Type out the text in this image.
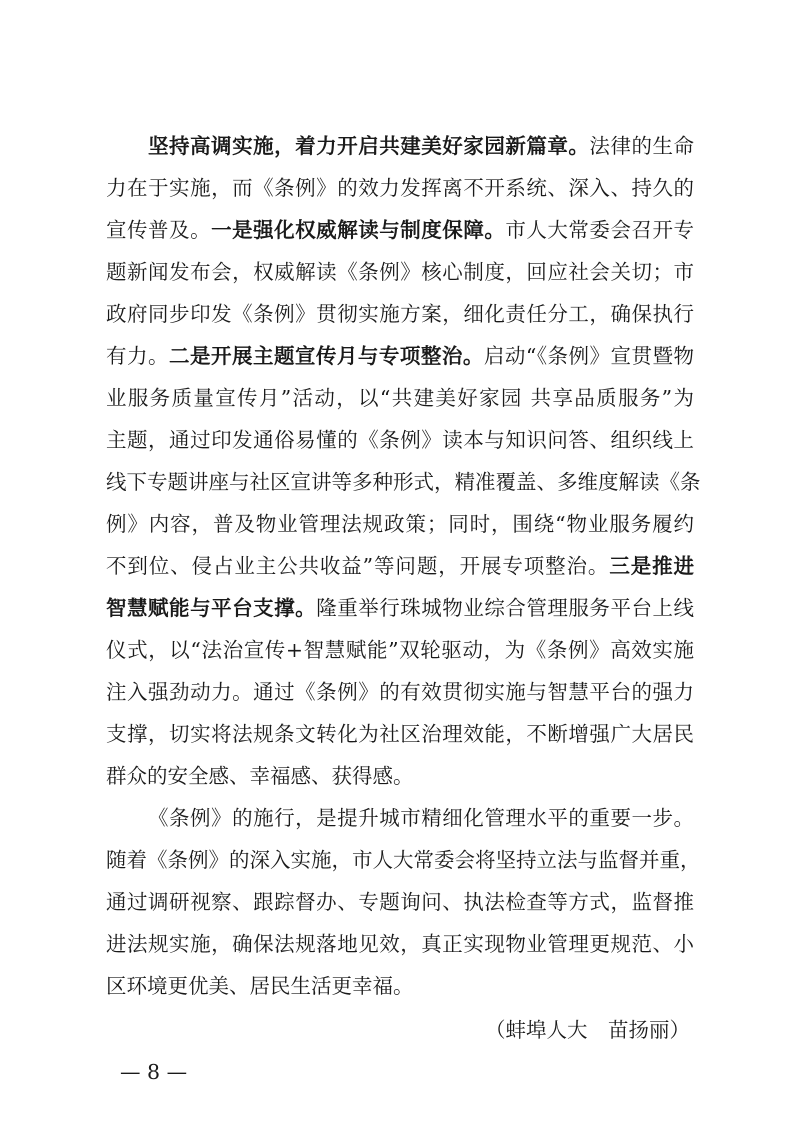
坚持高调实施，着力开启共建美好家园新篇章。法律的生命
力在于实施，而《条例》的效力发挥离不开系统、深入、持久的
宣传普及。一是强化权威解读与制度保障。市人大常委会召开专
题新闻发布会，权威解读《条例》核心制度，回应社会关切；市
政府同步印发《条例》贯彻实施方案，细化责任分工，确保执行
有力。二是开展主题宣传月与专项整治。启动“《条例》宣贯暨物
业服务质量宣传月”活动，以“共建美好家园 共享品质服务”为
主题，通过印发通俗易懂的《条例》读本与知识问答、组织线上
线下专题讲座与社区宣讲等多种形式，精准覆盖、多维度解读《条
例》内容，普及物业管理法规政策；同时，围绕“物业服务履约
不到位、侵占业主公共收益”等问题，开展专项整治。三是推进
智慧赋能与平台支撑。隆重举行珠城物业综合管理服务平台上线
仪式，以“法治宣传+智慧赋能”双轮驱动，为《条例》高效实施
注入强劲动力。通过《条例》的有效贯彻实施与智慧平台的强力
支撑，切实将法规条文转化为社区治理效能，不断增强广大居民
群众的安全感、幸福感、获得感。
《条例》的施行，是提升城市精细化管理水平的重要一步。
随着《条例》的深入实施，市人大常委会将坚持立法与监督并重，
通过调研视察、跟踪督办、专题询问、执法检查等方式，监督推
进法规实施，确保法规落地见效，真正实现物业管理更规范、小
区环境更优美、居民生活更幸福。
（蚌埠人大　苗扬丽）
— 8 —
